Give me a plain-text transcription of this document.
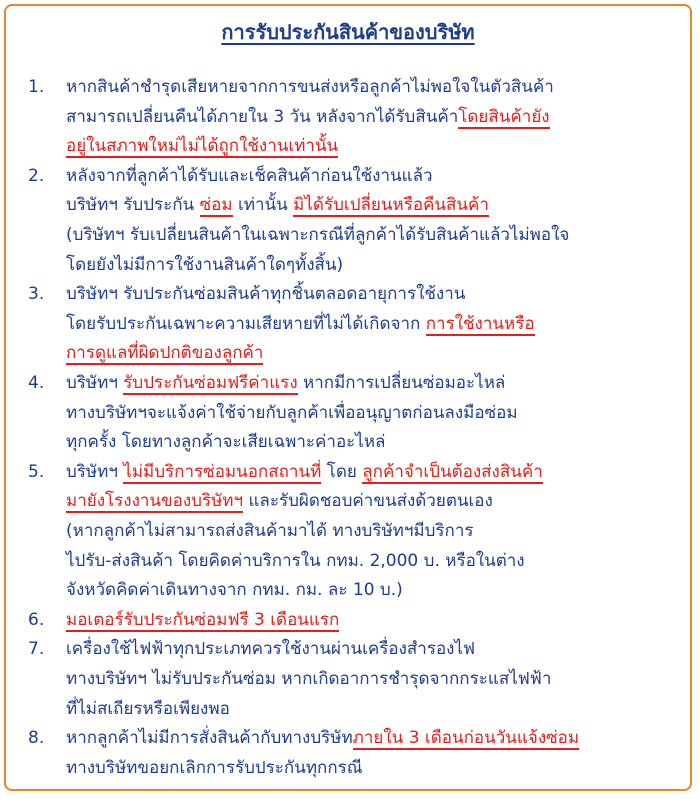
การรับประกันสินค้าของบริษัท
1. หากสินค้าชำรุดเสียหายจากการขนส่งหรือลูกค้าไม่พอใจในตัวสินค้า
สามารถเปลี่ยนคืนได้ภายใน 3 วัน หลังจากได้รับสินค้าโดยสินค้ายัง
อยู่ในสภาพใหม่ไม่ได้ถูกใช้งานเท่านั้น
2. หลังจากที่ลูกค้าได้รับและเช็คสินค้าก่อนใช้งานแล้ว
บริษัทฯ รับประกัน ซ่อม เท่านั้น มิได้รับเปลี่ยนหรือคืนสินค้า
(บริษัทฯ รับเปลี่ยนสินค้าในเฉพาะกรณีที่ลูกค้าได้รับสินค้าแล้วไม่พอใจ
โดยยังไม่มีการใช้งานสินค้าใดๆทั้งสิ้น)
3. บริษัทฯ รับประกันซ่อมสินค้าทุกชิ้นตลอดอายุการใช้งาน
โดยรับประกันเฉพาะความเสียหายที่ไม่ได้เกิดจาก การใช้งานหรือ
การดูแลที่ผิดปกติของลูกค้า
4. บริษัทฯ รับประกันซ่อมฟรีค่าแรง หากมีการเปลี่ยนซ่อมอะไหล่
ทางบริษัทฯจะแจ้งค่าใช้จ่ายกับลูกค้าเพื่ออนุญาตก่อนลงมือซ่อม
ทุกครั้ง โดยทางลูกค้าจะเสียเฉพาะค่าอะไหล่
5. บริษัทฯ ไม่มีบริการซ่อมนอกสถานที่ โดย ลูกค้าจำเป็นต้องส่งสินค้า
มายังโรงงานของบริษัทฯ และรับผิดชอบค่าขนส่งด้วยตนเอง
(หากลูกค้าไม่สามารถส่งสินค้ามาได้ ทางบริษัทฯมีบริการ
ไปรับ-ส่งสินค้า โดยคิดค่าบริการใน กทม. 2,000 บ. หรือในต่าง
จังหวัดคิดค่าเดินทางจาก กทม. กม. ละ 10 บ.)
6. มอเตอร์รับประกันซ่อมฟรี 3 เดือนแรก
7. เครื่องใช้ไฟฟ้าทุกประเภทควรใช้งานผ่านเครื่องสำรองไฟ
ทางบริษัทฯ ไม่รับประกันซ่อม หากเกิดอาการชำรุดจากกระแสไฟฟ้า
ที่ไม่สเถียรหรือเพียงพอ
8. หากลูกค้าไม่มีการสั่งสินค้ากับทางบริษัทภายใน 3 เดือนก่อนวันแจ้งซ่อม
ทางบริษัทขอยกเลิกการรับประกันทุกกรณี
